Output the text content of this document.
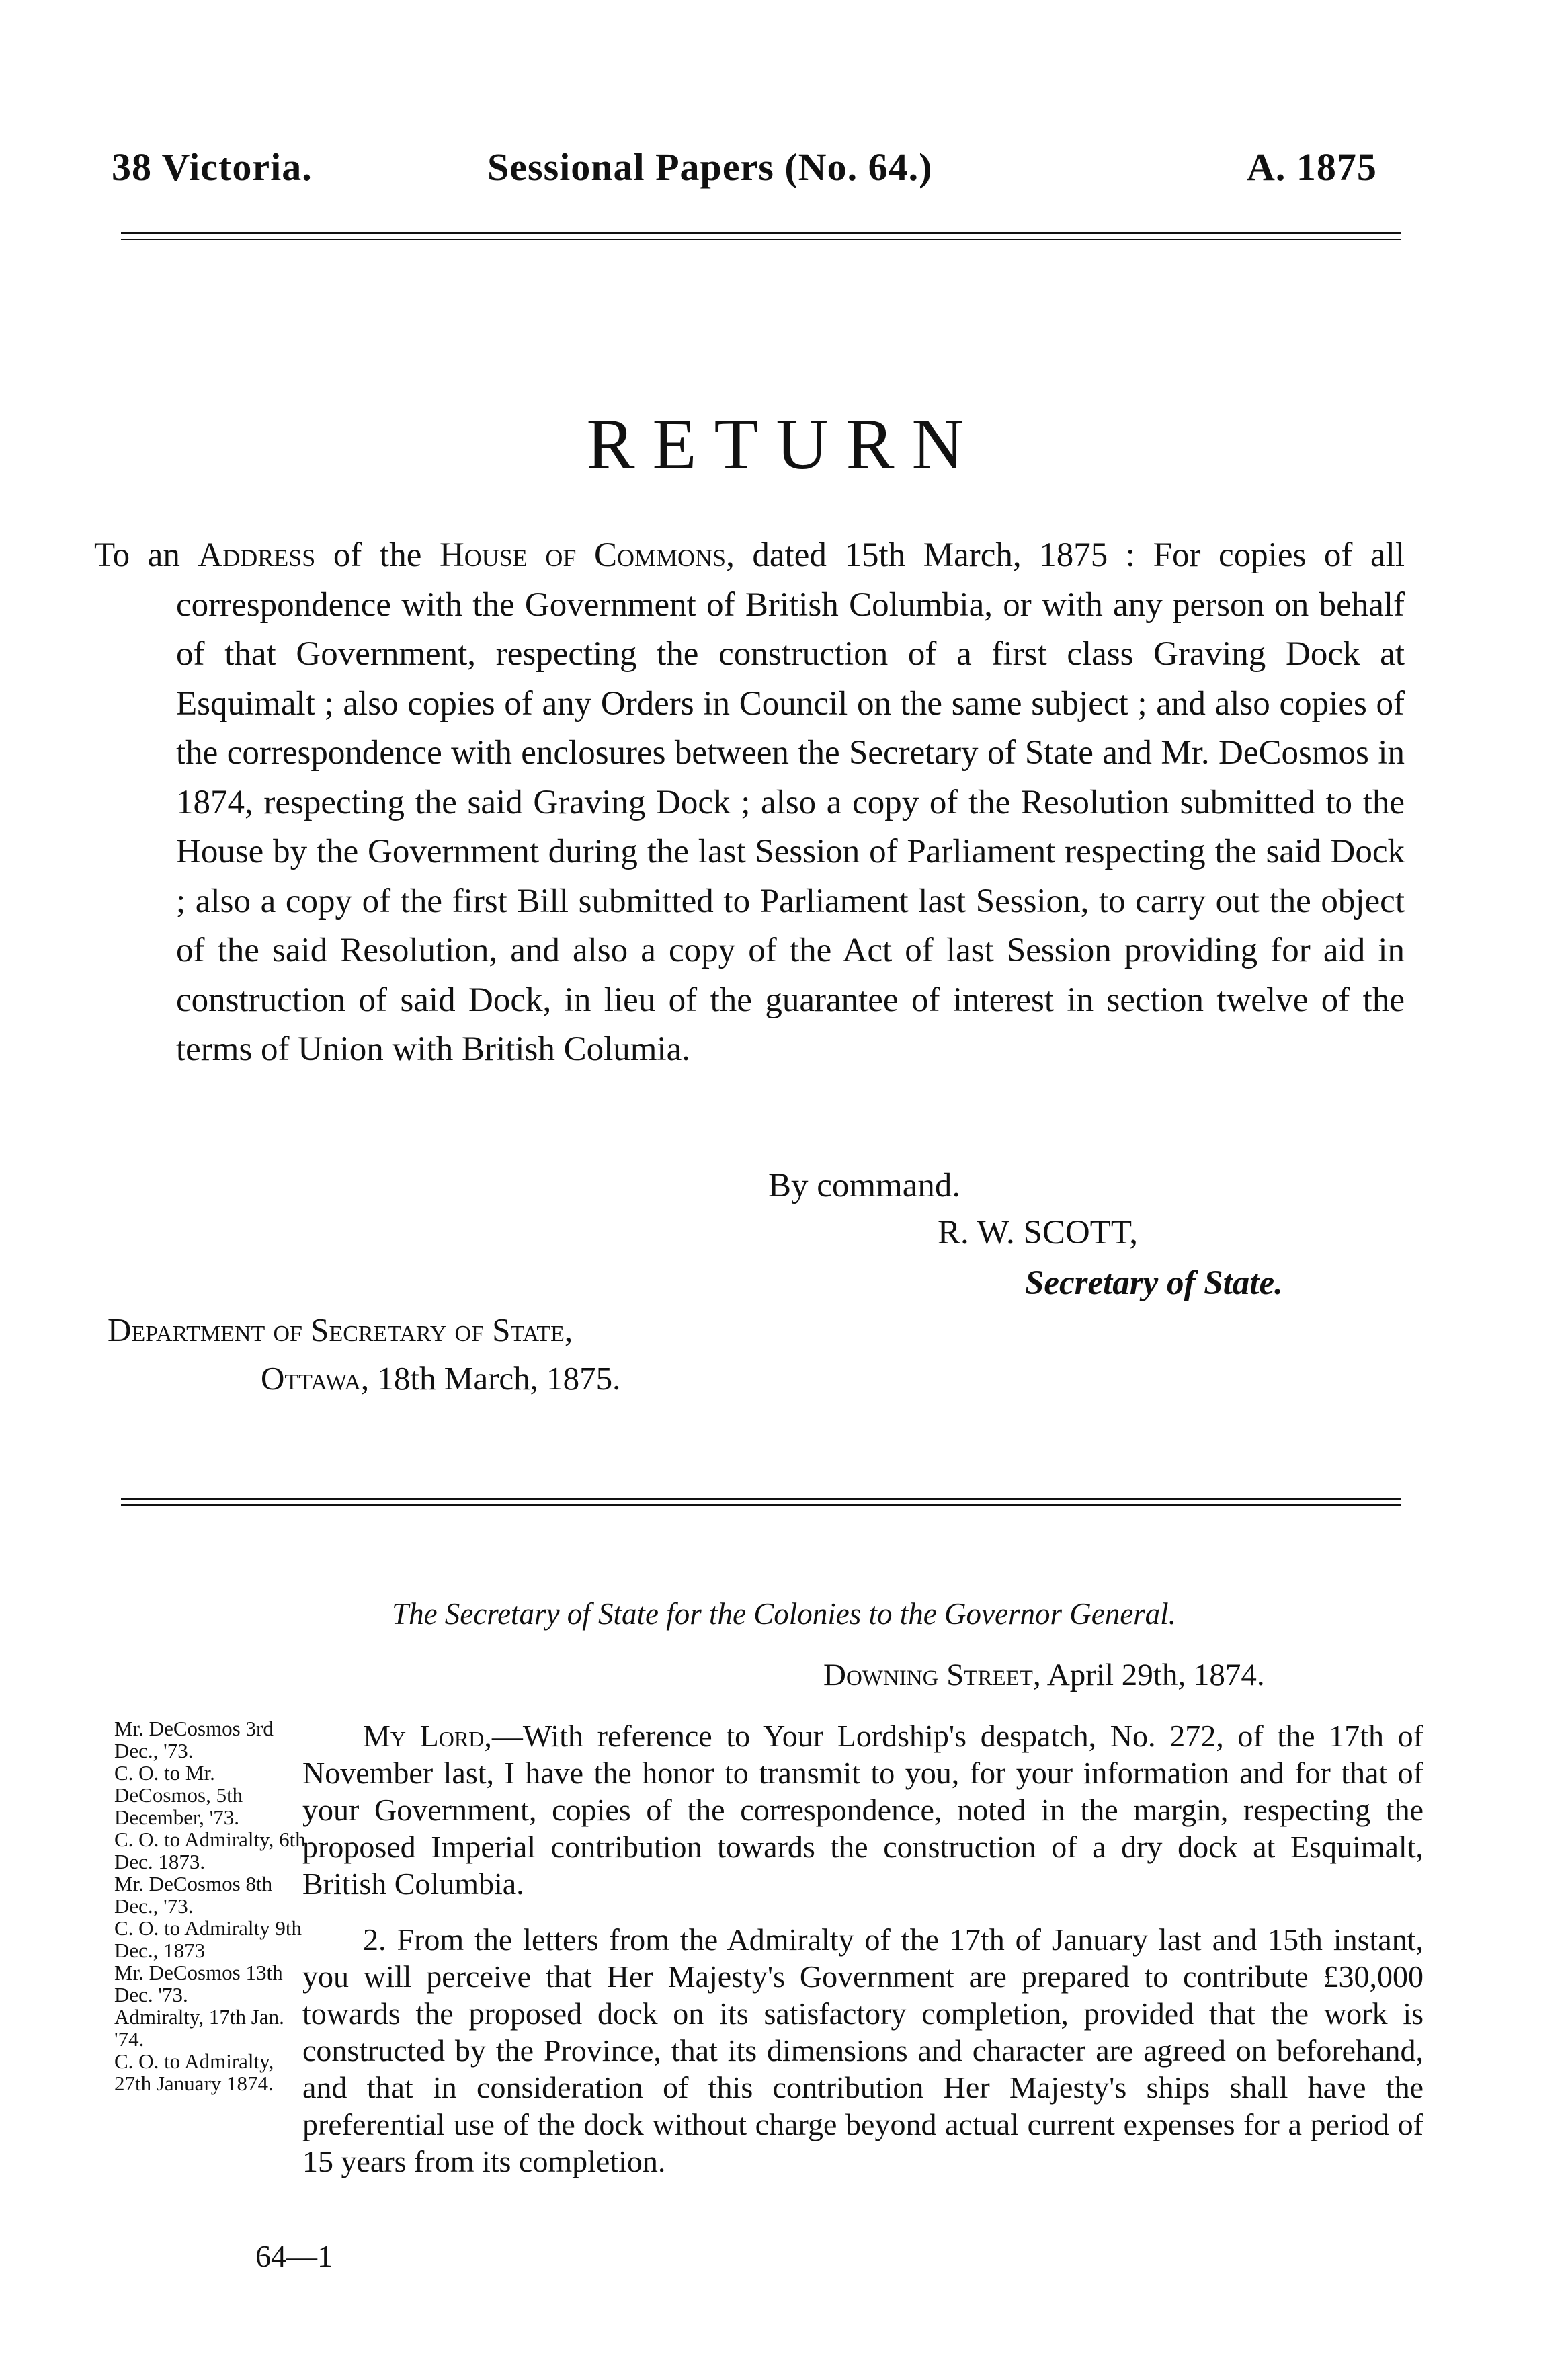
38 Victoria.	Sessional Papers (No. 64.)	A. 1875
RETURN
To an Address of the House of Commons, dated 15th March, 1875 : For copies of all correspondence with the Government of British Columbia, or with any person on behalf of that Government, respecting the construction of a first class Graving Dock at Esquimalt ; also copies of any Orders in Council on the same subject ; and also copies of the correspondence with enclosures between the Secretary of State and Mr. DeCosmos in 1874, respecting the said Graving Dock ; also a copy of the Resolution submitted to the House by the Government during the last Session of Parliament respecting the said Dock ; also a copy of the first Bill submitted to Parliament last Session, to carry out the object of the said Resolution, and also a copy of the Act of last Session providing for aid in construction of said Dock, in lieu of the guarantee of interest in section twelve of the terms of Union with British Columia.
By command.
R. W. SCOTT,
Secretary of State.
Department of Secretary of State,
Ottawa, 18th March, 1875.
The Secretary of State for the Colonies to the Governor General.
Downing Street, April 29th, 1874.
Mr. DeCosmos 3rd Dec., '73.
C. O. to Mr. DeCosmos, 5th December, '73.
C. O. to Admiralty, 6th Dec. 1873.
Mr. DeCosmos 8th Dec., '73.
C. O. to Admiralty 9th Dec., 1873
Mr. DeCosmos 13th Dec. '73.
Admiralty, 17th Jan. '74.
C. O. to Admiralty, 27th January 1874.

My Lord,—With reference to Your Lordship's despatch, No. 272, of the 17th of November last, I have the honor to transmit to you, for your information and for that of your Government, copies of the correspondence, noted in the margin, respecting the proposed Imperial contribution towards the construction of a dry dock at Esquimalt, British Columbia.

2. From the letters from the Admiralty of the 17th of January last and 15th instant, you will perceive that Her Majesty's Government are prepared to contribute £30,000 towards the proposed dock on its satisfactory completion, provided that the work is constructed by the Province, that its dimensions and character are agreed on beforehand, and that in consideration of this contribution Her Majesty's ships shall have the preferential use of the dock without charge beyond actual current expenses for a period of 15 years from its completion.

64—1
